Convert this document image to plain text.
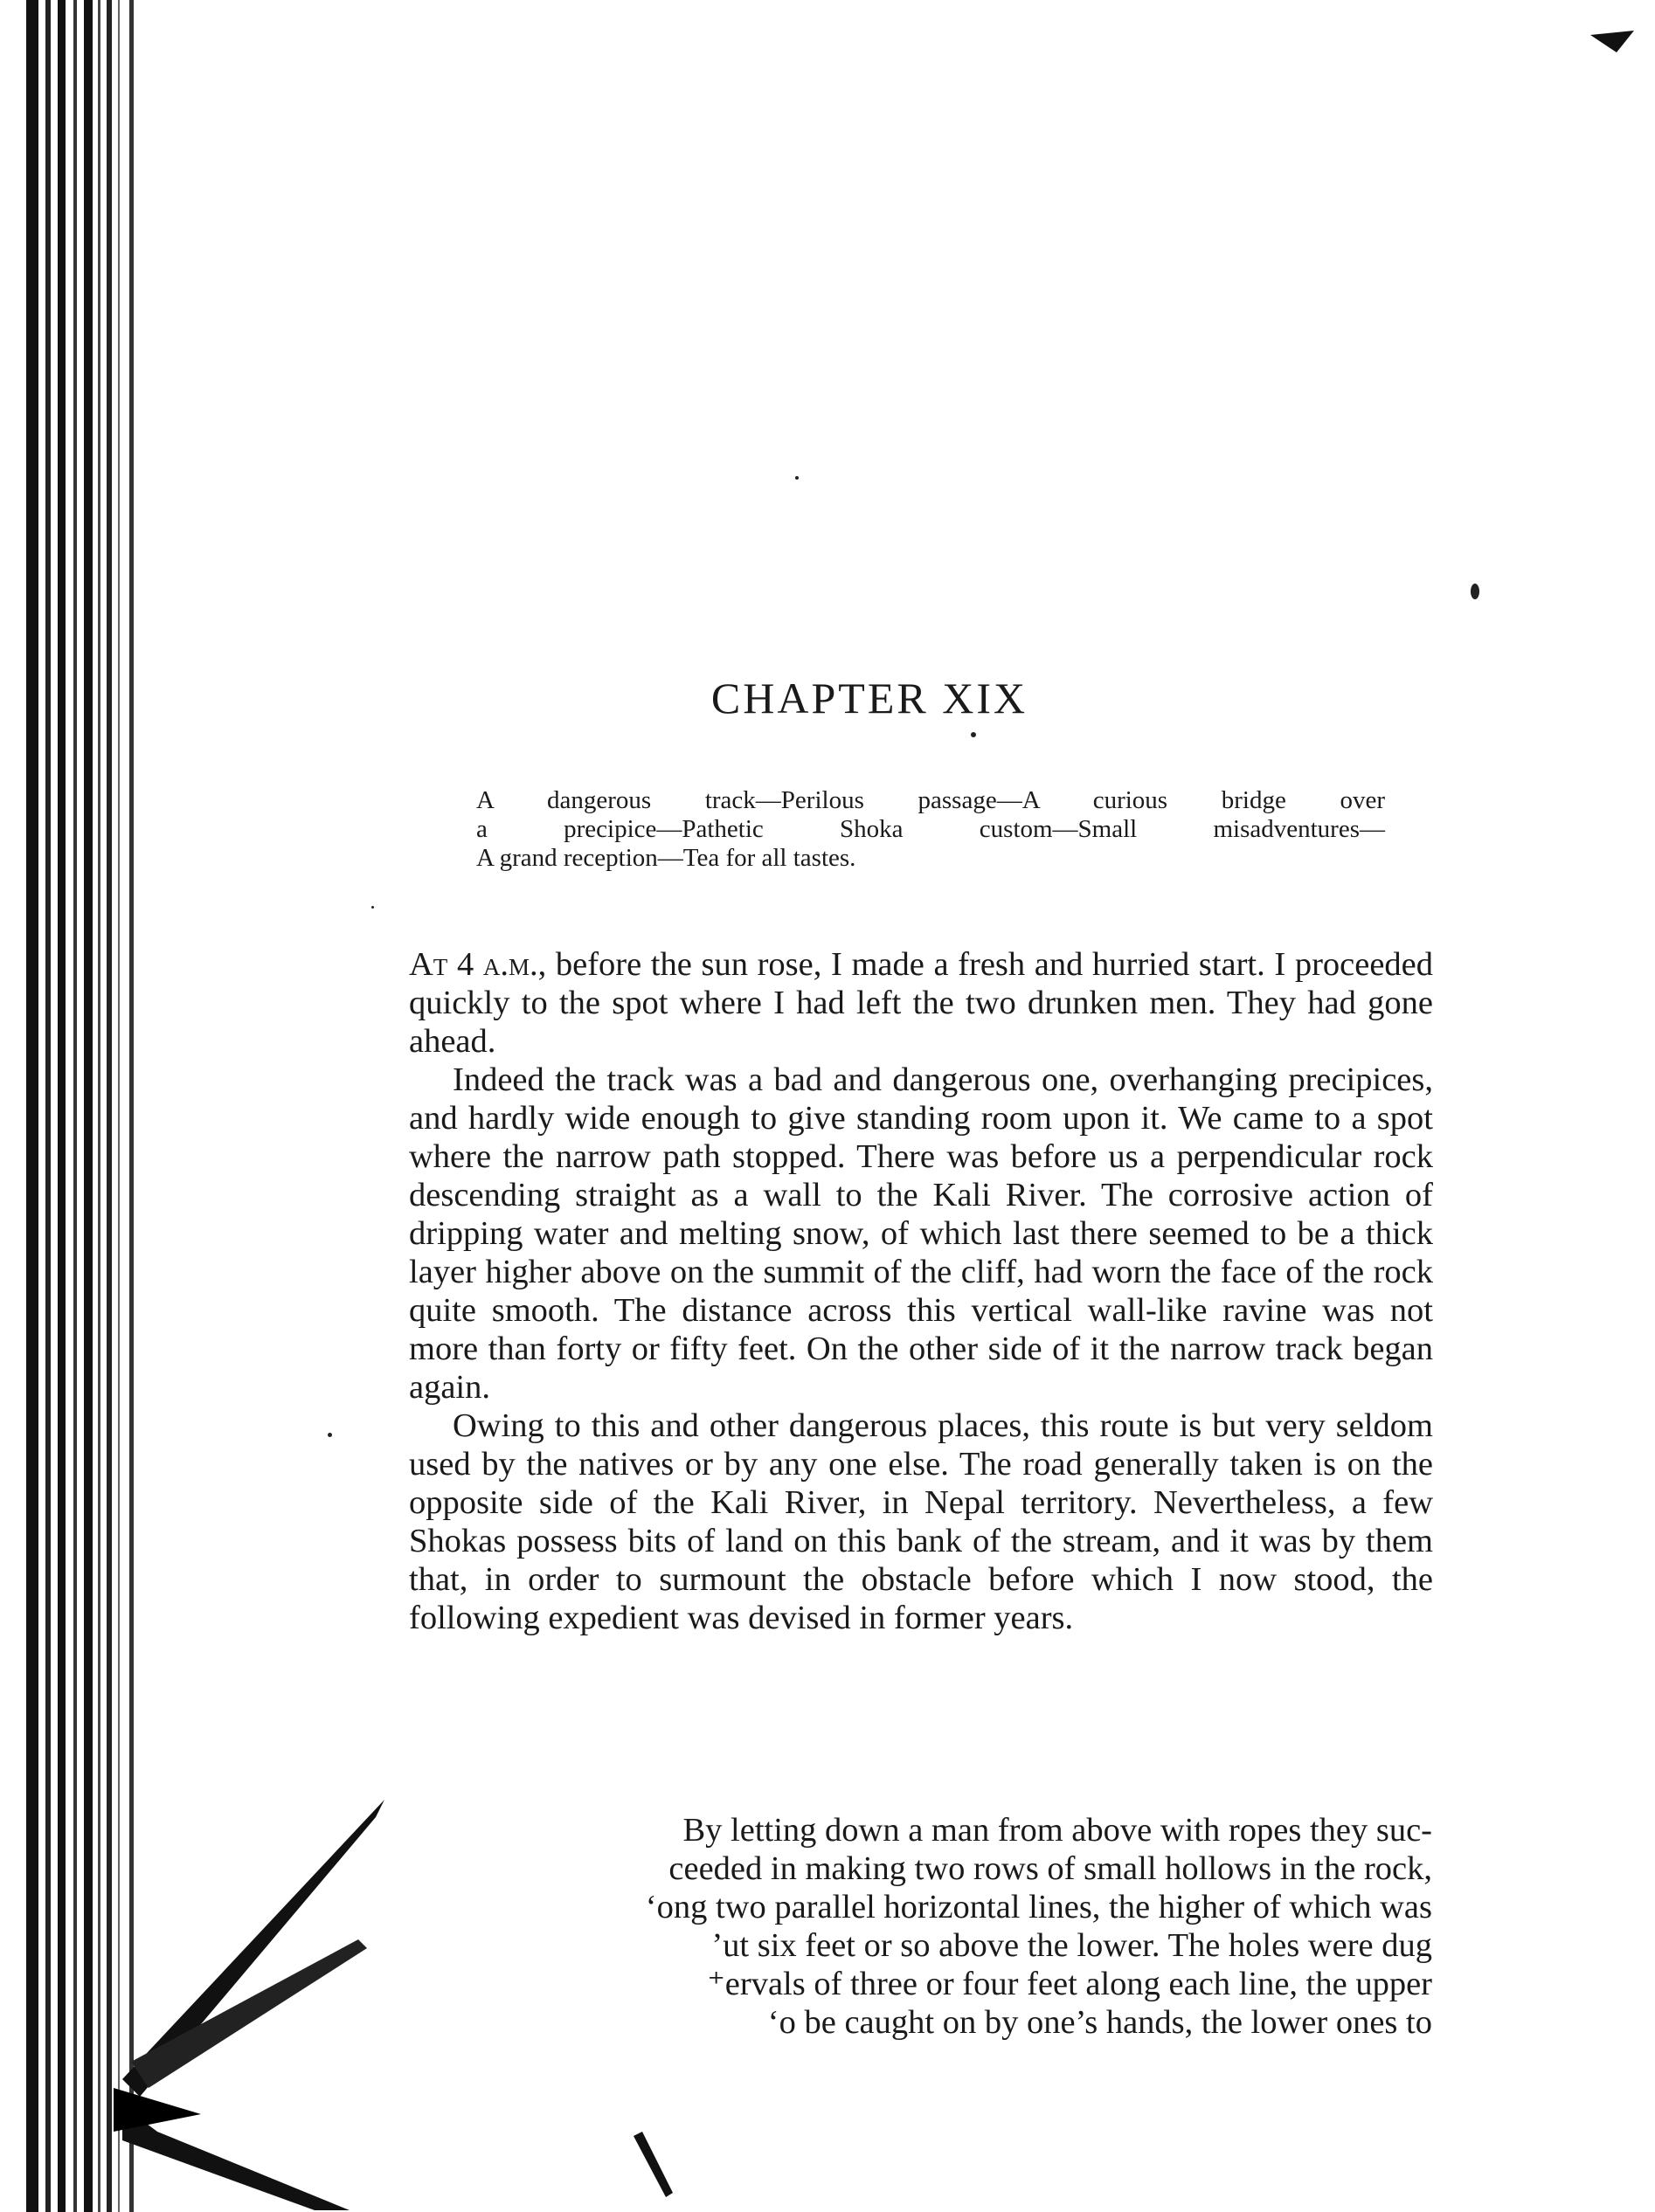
CHAPTER XIX

A dangerous track—Perilous passage—A curious bridge over
a precipice—Pathetic Shoka custom—Small misadventures—
A grand reception—Tea for all tastes.

At 4 a.m., before the sun rose, I made a fresh and hurried start. I proceeded quickly to the spot where I had left the two drunken men. They had gone ahead.

Indeed the track was a bad and dangerous one, overhanging precipices, and hardly wide enough to give standing room upon it. We came to a spot where the narrow path stopped. There was before us a perpendicular rock descending straight as a wall to the Kali River. The corrosive action of dripping water and melting snow, of which last there seemed to be a thick layer higher above on the summit of the cliff, had worn the face of the rock quite smooth. The distance across this vertical wall-like ravine was not more than forty or fifty feet. On the other side of it the narrow track began again.

Owing to this and other dangerous places, this route is but very seldom used by the natives or by any one else. The road generally taken is on the opposite side of the Kali River, in Nepal territory. Nevertheless, a few Shokas possess bits of land on this bank of the stream, and it was by them that, in order to surmount the obstacle before which I now stood, the following expedient was devised in former years.

By letting down a man from above with ropes they suc-
ceeded in making two rows of small hollows in the rock,
‘ong two parallel horizontal lines, the higher of which was
ʼut six feet or so above the lower. The holes were dug
⁺ervals of three or four feet along each line, the upper
ʻo be caught on by one’s hands, the lower ones to
